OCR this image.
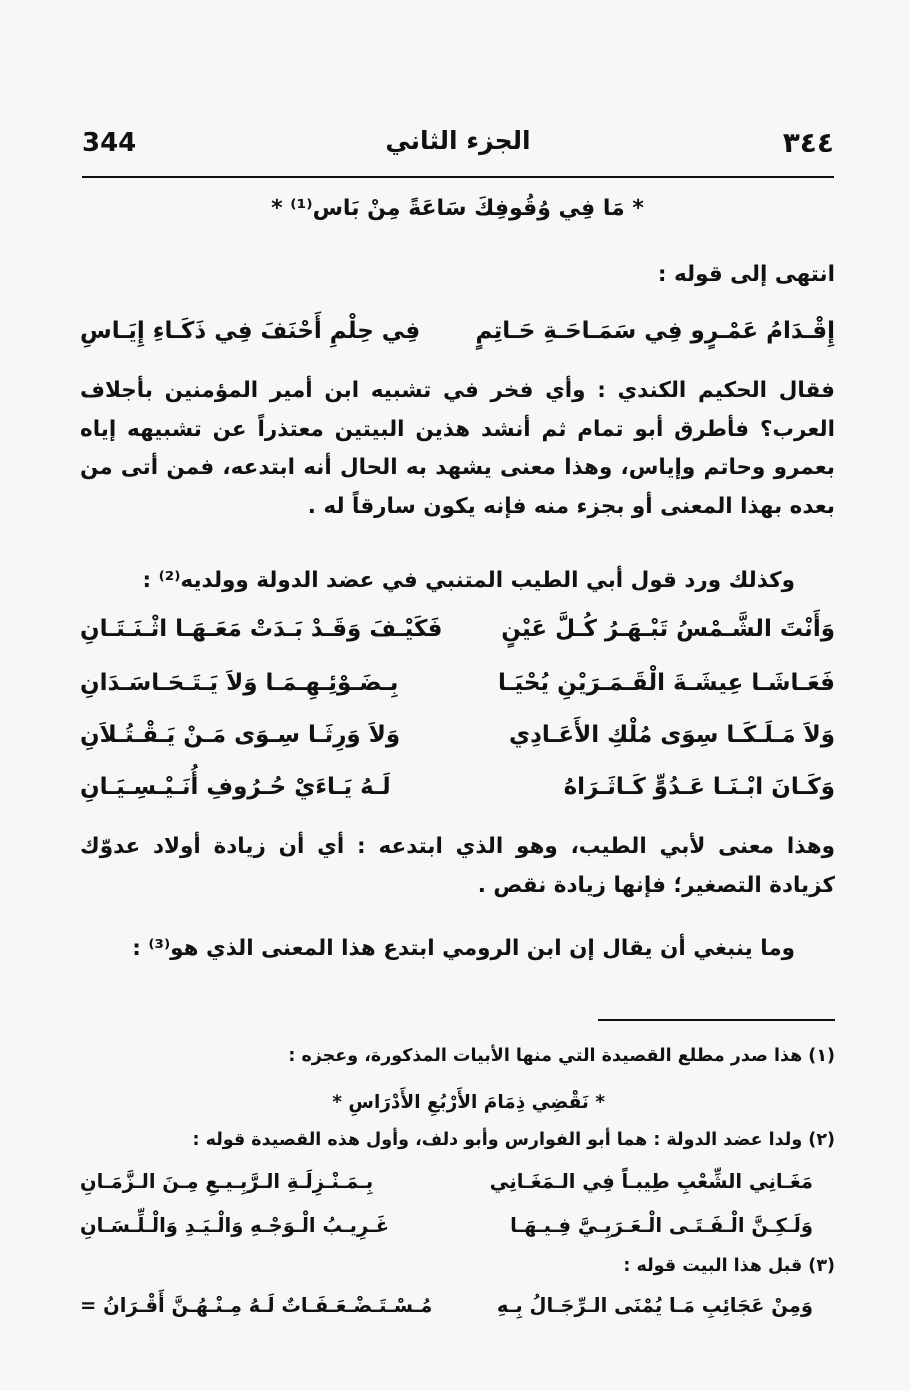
٣٤٤
الجزء الثاني
344
* مَا فِي وُقُوفِكَ سَاعَةً مِنْ بَاس⁽¹⁾ *
انتهى إلى قوله :
إِقْـدَامُ عَمْـرٍو فِي سَمَـاحَـةِ حَـاتِمٍ
فِي حِلْمِ أَحْنَفَ فِي ذَكَـاءِ إِيَـاسِ
فقال الحكيم الكندي : وأي فخر في تشبيه ابن أمير المؤمنين بأجلاف العرب؟ فأطرق أبو تمام ثم أنشد هذين البيتين معتذراً عن تشبيهه إياه بعمرو وحاتم وإياس، وهذا معنى يشهد به الحال أنه ابتدعه، فمن أتى من بعده بهذا المعنى أو بجزء منه فإنه يكون سارقاً له .
وكذلك ورد قول أبي الطيب المتنبي في عضد الدولة وولديه⁽²⁾ :
وَأَنْتَ الشَّـمْسُ تَبْـهَـرُ كُـلَّ عَيْنٍ
فَكَيْـفَ وَقَـدْ بَـدَتْ مَعَـهَـا اثْـنَـتَـانِ
فَعَـاشَـا عِيشَـةَ الْقَـمَـرَيْنِ يُحْيَـا
بِـضَـوْئِـهِـمَـا وَلاَ يَـتَـحَـاسَـدَانِ
وَلاَ مَـلَـكَـا سِوَى مُلْكِ الأَعَـادِي
وَلاَ وَرِثَـا سِـوَى مَـنْ يَـقْـتُـلاَنِ
وَكَـانَ ابْـنَـا عَـدُوٍّ كَـاثَـرَاهُ
لَـهُ يَـاءَيْ حُـرُوفِ أُنَـيْـسِـيَـانِ
وهذا معنى لأبي الطيب، وهو الذي ابتدعه : أي أن زيادة أولاد عدوّك كزيادة التصغير؛ فإنها زيادة نقص .
وما ينبغي أن يقال إن ابن الرومي ابتدع هذا المعنى الذي هو⁽³⁾ :
(١) هذا صدر مطلع القصيدة التي منها الأبيات المذكورة، وعجزه :
* نَقْضِي ذِمَامَ الأَرْبُعِ الأَدْرَاسِ *
(٢) ولدا عضد الدولة : هما أبو الفوارس وأبو دلف، وأول هذه القصيدة قوله :
مَغَـانِي الشِّعْبِ طِيبـاً فِي الـمَغَـانِي
بِـمَـنْـزِلَـةِ الـرَّبِـيـعِ مِـنَ الـزَّمَـانِ
وَلَـكِـنَّ الْـفَـتَـى الْـعَـرَبِـيَّ فِـيـهَـا
غَـرِيـبُ الْـوَجْـهِ وَالْـيَـدِ وَالْـلِّـسَـانِ
(٣) قبل هذا البيت قوله :
وَمِنْ عَجَائِبِ مَـا يُمْنَى الـرِّجَـالُ بِـهِ
مُـسْـتَـضْـعَـفَـاتٌ لَـهُ مِـنْـهُـنَّ أَقْـرَانُ =
